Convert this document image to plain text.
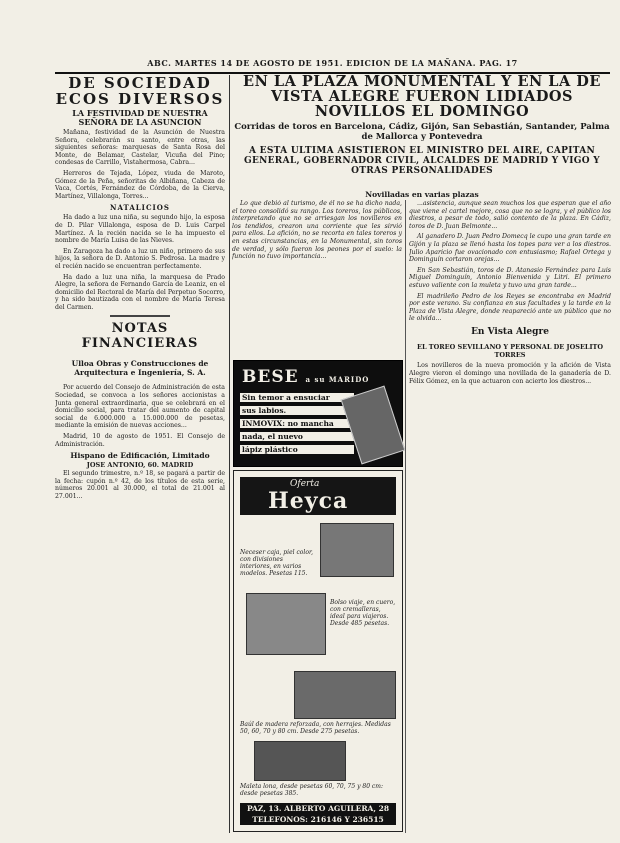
ABC. MARTES 14 DE AGOSTO DE 1951. EDICION DE LA MAÑANA. PAG. 17

DE SOCIEDAD

ECOS DIVERSOS

LA FESTIVIDAD DE NUESTRA SEÑORA DE LA ASUNCION

Mañana, festividad de la Asunción de Nuestra Señora, celebrarán su santo, entre otras, las siguientes señoras: marquesas de Santa Rosa del Monte, de Belamar, Castelar, Vicuña del Pino; condesas de Carrillo, Vistahermosa, Cabra...

Herreros de Tejada, López, viuda de Maroto, Gómez de la Peña, señoritas de Albiñana, Cabeza de Vaca, Cortés, Fernández de Córdoba, de la Cierva, Martínez, Villalonga, Torres...

NATALICIOS

Ha dado a luz una niña, su segundo hijo, la esposa de D. Pilar Villalonga, esposa de D. Luis Carpel Martínez. A la recién nacida se le ha impuesto el nombre de María Luisa de las Nieves.

En Zaragoza ha dado a luz un niño, primero de sus hijos, la señora de D. Antonio S. Pedrosa. La madre y el recién nacido se encuentran perfectamente.

Ha dado a luz una niña, la marquesa de Prado Alegre, la señora de Fernando García de Leaniz, en el domicilio del Rectoral de María del Perpetuo Socorro, y ha sido bautizada con el nombre de María Teresa del Carmen.

NOTAS FINANCIERAS

Ulloa Obras y Construcciones de Arquitectura e Ingeniería, S. A.

Por acuerdo del Consejo de Administración de esta Sociedad, se convoca a los señores accionistas a Junta general extraordinaria, que se celebrará en el domicilio social, para tratar del aumento de capital social de 6.000.000 a 15.000.000 de pesetas, mediante la emisión de nuevas acciones...

Madrid, 10 de agosto de 1951. El Consejo de Administración.

Hispano de Edificación, Limitado

JOSE ANTONIO, 60. MADRID

El segundo trimestre, n.º 18, se pagará a partir de la fecha: cupón n.º 42, de los títulos de esta serie, números 20.001 al 30.000, el total de 21.001 al 27.001...

EN LA PLAZA MONUMENTAL Y EN LA DE VISTA ALEGRE FUERON LIDIADOS NOVILLOS EL DOMINGO
Corridas de toros en Barcelona, Cádiz, Gijón, San Sebastián, Santander, Palma de Mallorca y Pontevedra
A ESTA ULTIMA ASISTIERON EL MINISTRO DEL AIRE, CAPITAN GENERAL, GOBERNADOR CIVIL, ALCALDES DE MADRID Y VIGO Y OTRAS PERSONALIDADES
Novilladas en varias plazas

Lo que debió al turismo, de él no se ha dicho nada, el toreo consolidó su rango. Los toreros, los públicos, interpretando que no se arriesgan los novilleros en los tendidos, crearon una corriente que les sirvió para ellos. La afición, no se recorta en tales toreros y en estas circunstancias, en la Monumental, sin toros de verdad, y sólo fueron los peones por el suelo: la función no tuvo importancia...

BESE a su MARIDO
Sin temor a ensuciar
sus labios.
INMOVIX: no mancha
nada, el nuevo
lápiz plástico
Oferta
Heyca
Neceser caja, piel color, con divisiones interiores, en varios modelos. Pesetas 115.
Bolso viaje, en cuero, con cremalleras, ideal para viajeros. Desde 485 pesetas.
Baúl de madera reforzada, con herrajes. Medidas 50, 60, 70 y 80 cm. Desde 275 pesetas.
Maleta lona, desde pesetas 60, 70, 75 y 80 cm: desde pesetas 385.
PAZ, 13. ALBERTO AGUILERA, 28
TELEFONOS: 216146 Y 236515

...asistencia, aunque sean muchos los que esperan que el año que viene el cartel mejore, cosa que no se logra, y el público los diestros, a pesar de todo, salió contento de la plaza. En Cádiz, toros de D. Juan Belmonte...

Al ganadero D. Juan Pedro Domecq le cupo una gran tarde en Gijón y la plaza se llenó hasta los topes para ver a los diestros. Julio Aparicio fue ovacionado con entusiasmo; Rafael Ortega y Dominguín cortaron orejas...

En San Sebastián, toros de D. Atanasio Fernández para Luis Miguel Dominguín, Antonio Bienvenida y Litri. El primero estuvo valiente con la muleta y tuvo una gran tarde...

El madrileño Pedro de los Reyes se encontraba en Madrid por este verano. Su confianza en sus facultades y la tarde en la Plaza de Vista Alegre, donde reapareció ante un público que no le olvida...

En Vista Alegre

EL TOREO SEVILLANO Y PERSONAL DE JOSELITO TORRES

Los novilleros de la nueva promoción y la afición de Vista Alegre vieron el domingo una novillada de la ganadería de D. Félix Gómez, en la que actuaron con acierto los diestros...
